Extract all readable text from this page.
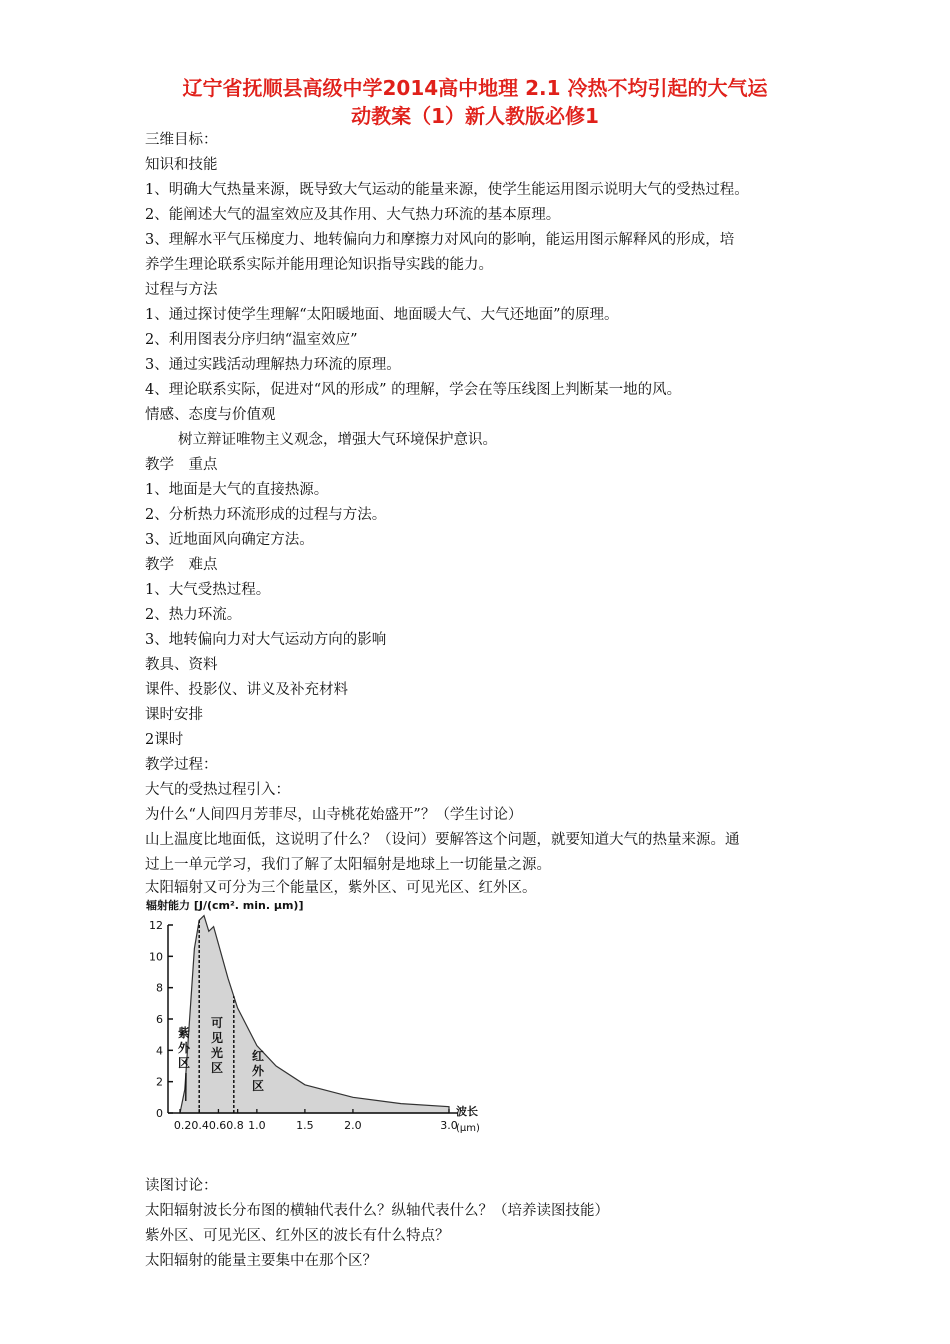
辽宁省抚顺县高级中学2014高中地理 2.1 冷热不均引起的大气运
动教案（1）新人教版必修1
三维目标：
知识和技能
1、明确大气热量来源，既导致大气运动的能量来源，使学生能运用图示说明大气的受热过程。
2、能阐述大气的温室效应及其作用、大气热力环流的基本原理。
3、理解水平气压梯度力、地转偏向力和摩擦力对风向的影响，能运用图示解释风的形成，培
养学生理论联系实际并能用理论知识指导实践的能力。
过程与方法
1、通过探讨使学生理解“太阳暖地面、地面暖大气、大气还地面”的原理。
2、利用图表分序归纳“温室效应”
3、通过实践活动理解热力环流的原理。
4、理论联系实际，促进对“风的形成” 的理解，学会在等压线图上判断某一地的风。
情感、态度与价值观
树立辩证唯物主义观念，增强大气环境保护意识。
教学　重点
1、地面是大气的直接热源。
2、分析热力环流形成的过程与方法。
3、近地面风向确定方法。
教学　难点
1、大气受热过程。
2、热力环流。
3、地转偏向力对大气运动方向的影响
教具、资料
课件、投影仪、讲义及补充材料
课时安排
2课时
教学过程：
大气的受热过程引入：
为什么“人间四月芳菲尽，山寺桃花始盛开”？（学生讨论）
山上温度比地面低，这说明了什么？（设问）要解答这个问题，就要知道大气的热量来源。通
过上一单元学习，我们了解了太阳辐射是地球上一切能量之源。
太阳辐射又可分为三个能量区，紫外区、可见光区、红外区。
辐射能力 [J/(cm². min. μm)]
12
10
8
6
4
2
0
紫外区
可见光区
红外区
0.20.40.60.8 1.0	1.5	2.0	3.0
波长
(μm)
读图讨论：
太阳辐射波长分布图的横轴代表什么？纵轴代表什么？（培养读图技能）
紫外区、可见光区、红外区的波长有什么特点？
太阳辐射的能量主要集中在那个区？
